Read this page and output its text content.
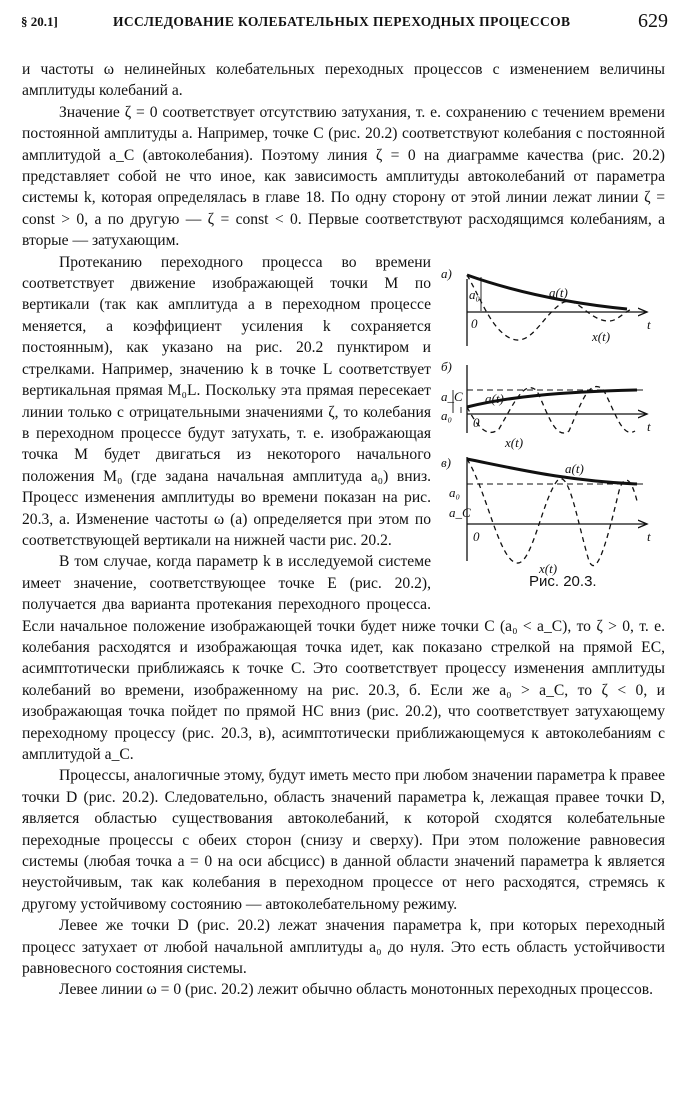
§ 20.1]	ИССЛЕДОВАНИЕ КОЛЕБАТЕЛЬНЫХ ПЕРЕХОДНЫХ ПРОЦЕССОВ	629

и частоты ω нелинейных колебательных переходных процессов с изменением величины амплитуды колебаний a.

Значение ζ = 0 соответствует отсутствию затухания, т. е. сохранению с течением времени постоянной амплитуды a. Например, точке C (рис. 20.2) соответствуют колебания с постоянной амплитудой a_C (автоколебания). Поэтому линия ζ = 0 на диаграмме качества (рис. 20.2) представляет собой не что иное, как зависимость амплитуды автоколебаний от параметра системы k, которая определялась в главе 18. По одну сторону от этой линии лежат линии ζ = const > 0, а по другую — ζ = const < 0. Первые соответствуют расходящимся колебаниям, а вторые — затухающим.

а)
a(t)
x(t)
0	t
a₀
б)
a(t)
x(t)
0	t
a_C
a₀
в)	a(t)
x(t)
0	t
a₀
a_C
Рис. 20.3.

Протеканию переходного процесса во времени соответствует движение изображающей точки M по вертикали (так как амплитуда a в переходном процессе меняется, а коэффициент усиления k сохраняется постоянным), как указано на рис. 20.2 пунктиром и стрелками. Например, значению k в точке L соответствует вертикальная прямая M₀L. Поскольку эта прямая пересекает линии только с отрицательными значениями ζ, то колебания в переходном процессе будут затухать, т. е. изображающая точка M будет двигаться из некоторого начального положения M₀ (где задана начальная амплитуда a₀) вниз. Процесс изменения амплитуды во времени показан на рис. 20.3, a. Изменение частоты ω (a) определяется при этом по соответствующей вертикали на нижней части рис. 20.2.

В том случае, когда параметр k в исследуемой системе имеет значение, соответствующее точке E (рис. 20.2), получается два варианта протекания переходного процесса. Если начальное положение изображающей точки будет ниже точки C (a₀ < a_C), то ζ > 0, т. е. колебания расходятся и изображающая точка идет, как показано стрелкой на прямой EC, асимптотически приближаясь к точке C. Это соответствует процессу изменения амплитуды колебаний во времени, изображенному на рис. 20.3, б. Если же a₀ > a_C, то ζ < 0, и изображающая точка пойдет по прямой HC вниз (рис. 20.2), что соответствует затухающему переходному процессу (рис. 20.3, в), асимптотически приближающемуся к автоколебаниям с амплитудой a_C.

Процессы, аналогичные этому, будут иметь место при любом значении параметра k правее точки D (рис. 20.2). Следовательно, область значений параметра k, лежащая правее точки D, является областью существования автоколебаний, к которой сходятся колебательные переходные процессы с обеих сторон (снизу и сверху). При этом положение равновесия системы (любая точка a = 0 на оси абсцисс) в данной области значений параметра k является неустойчивым, так как колебания в переходном процессе от него расходятся, стремясь к другому устойчивому состоянию — автоколебательному режиму.

Левее же точки D (рис. 20.2) лежат значения параметра k, при которых переходный процесс затухает от любой начальной амплитуды a₀ до нуля. Это есть область устойчивости равновесного состояния системы.

Левее линии ω = 0 (рис. 20.2) лежит обычно область монотонных переходных процессов.
